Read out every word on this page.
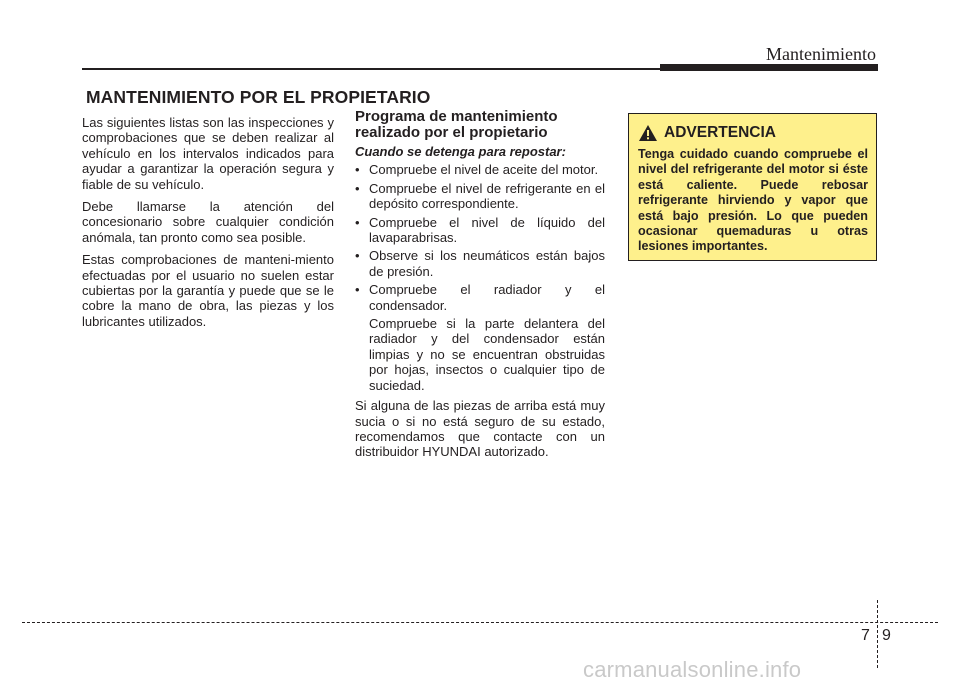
Mantenimiento
MANTENIMIENTO POR EL PROPIETARIO

Las siguientes listas son las inspecciones y comprobaciones que se deben realizar al vehículo en los intervalos indicados para ayudar a garantizar la operación segura y fiable de su vehículo.

Debe llamarse la atención del concesionario sobre cualquier condición anómala, tan pronto como sea posible.

Estas comprobaciones de manteni-miento efectuadas por el usuario no suelen estar cubiertas por la garantía y puede que se le cobre la mano de obra, las piezas y los lubricantes utilizados.

Programa de mantenimiento realizado por el propietario

Cuando se detenga para repostar:

• Compruebe el nivel de aceite del motor.
• Compruebe el nivel de refrigerante en el depósito correspondiente.
• Compruebe el nivel de líquido del lavaparabrisas.
• Observe si los neumáticos están bajos de presión.
• Compruebe el radiador y el condensador.
Compruebe si la parte delantera del radiador y del condensador están limpias y no se encuentran obstruidas por hojas, insectos o cualquier tipo de suciedad.

Si alguna de las piezas de arriba está muy sucia o si no está seguro de su estado, recomendamos que contacte con un distribuidor HYUNDAI autorizado.

ADVERTENCIA

Tenga cuidado cuando compruebe el nivel del refrigerante del motor si éste está caliente. Puede rebosar refrigerante hirviendo y vapor que está bajo presión. Lo que pueden ocasionar quemaduras u otras lesiones importantes.

7 9
carmanualsonline.info
